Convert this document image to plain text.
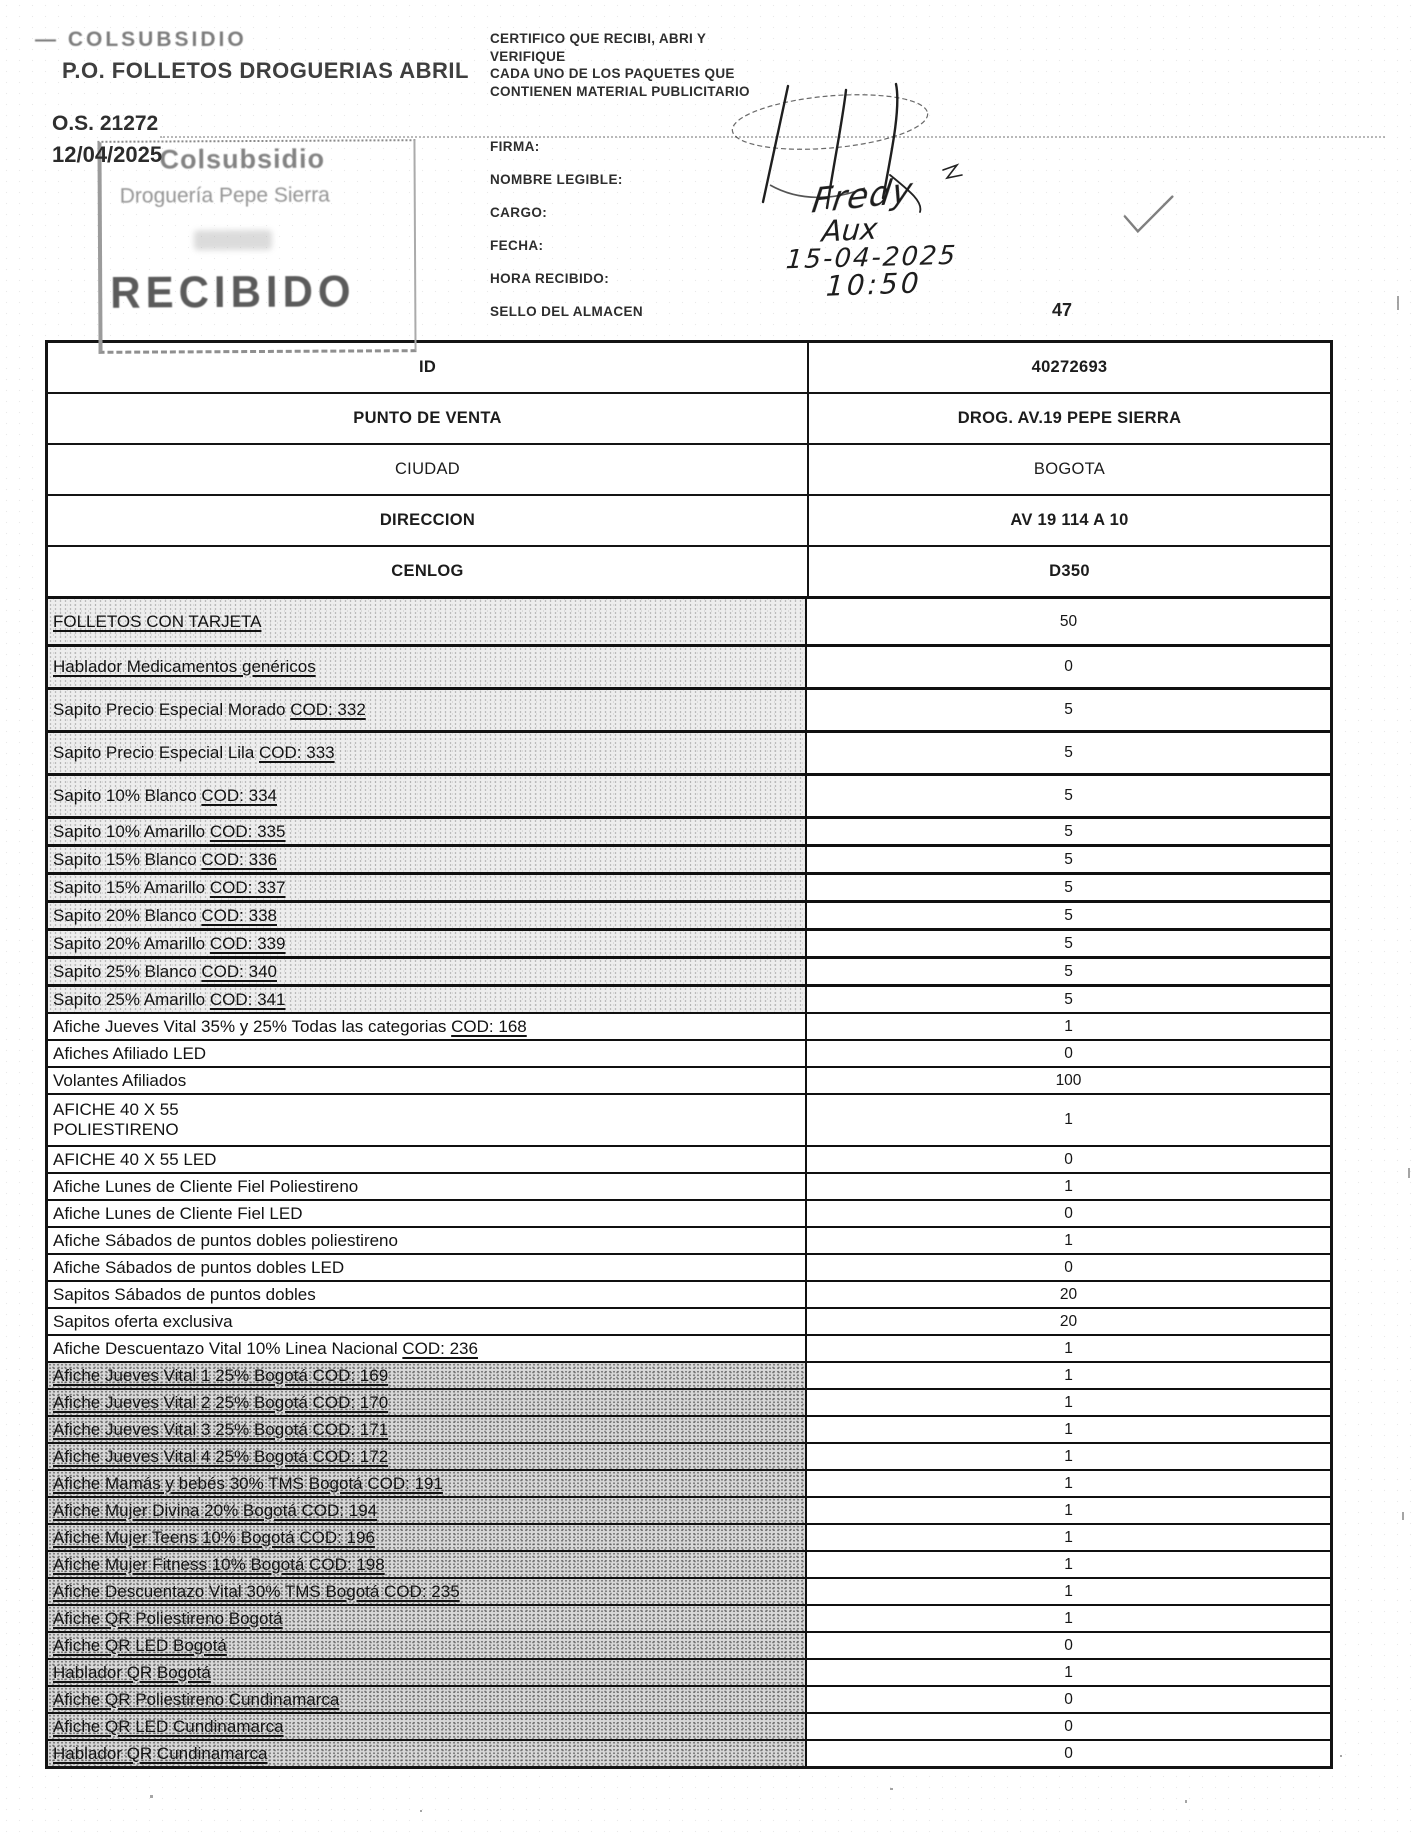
— COLSUBSIDIO
P.O. FOLLETOS DROGUERIAS ABRIL
O.S. 21272
12/04/2025
Colsubsidio
Droguería Pepe Sierra
RECIBIDO
CERTIFICO QUE RECIBI, ABRI Y
VERIFIQUE
CADA UNO DE LOS PAQUETES QUE
CONTIENEN MATERIAL PUBLICITARIO
FIRMA:
NOMBRE LEGIBLE:
CARGO:
FECHA:
HORA RECIBIDO:
SELLO DEL ALMACEN
Fredy
Aux
15-04-2025
10:50
47
ID	40272693
PUNTO DE VENTA	DROG. AV.19 PEPE SIERRA
CIUDAD	BOGOTA
DIRECCION	AV 19 114 A 10
CENLOG	D350
FOLLETOS CON TARJETA	50
Hablador Medicamentos genéricos	0
Sapito Precio Especial Morado COD: 332	5
Sapito Precio Especial Lila COD: 333	5
Sapito 10% Blanco COD: 334	5
Sapito 10% Amarillo COD: 335	5
Sapito 15% Blanco COD: 336	5
Sapito 15% Amarillo COD: 337	5
Sapito 20% Blanco COD: 338	5
Sapito 20% Amarillo COD: 339	5
Sapito 25% Blanco COD: 340	5
Sapito 25% Amarillo COD: 341	5
Afiche Jueves Vital 35% y 25% Todas las categorias COD: 168	1
Afiches Afiliado LED	0
Volantes Afiliados	100
AFICHE 40 X 55
POLIESTIRENO
1
AFICHE 40 X 55 LED	0
Afiche Lunes de Cliente Fiel Poliestireno	1
Afiche Lunes de Cliente Fiel LED	0
Afiche Sábados de puntos dobles poliestireno	1
Afiche Sábados de puntos dobles LED	0
Sapitos Sábados de puntos dobles	20
Sapitos oferta exclusiva	20
Afiche Descuentazo Vital 10% Linea Nacional COD: 236	1
Afiche Jueves Vital 1 25% Bogotá COD: 169	1
Afiche Jueves Vital 2 25% Bogotá COD: 170	1
Afiche Jueves Vital 3 25% Bogotá COD: 171	1
Afiche Jueves Vital 4 25% Bogotá COD: 172	1
Afiche Mamás y bebés 30% TMS Bogotá COD: 191	1
Afiche Mujer Divina 20% Bogotá COD: 194	1
Afiche Mujer Teens 10% Bogotá COD: 196	1
Afiche Mujer Fitness 10% Bogotá COD: 198	1
Afiche Descuentazo Vital 30% TMS Bogotá COD: 235	1
Afiche QR Poliestireno Bogotá	1
Afiche QR LED Bogotá	0
Hablador QR Bogotá	1
Afiche QR Poliestireno Cundinamarca	0
Afiche QR LED Cundinamarca	0
Hablador QR Cundinamarca	0
